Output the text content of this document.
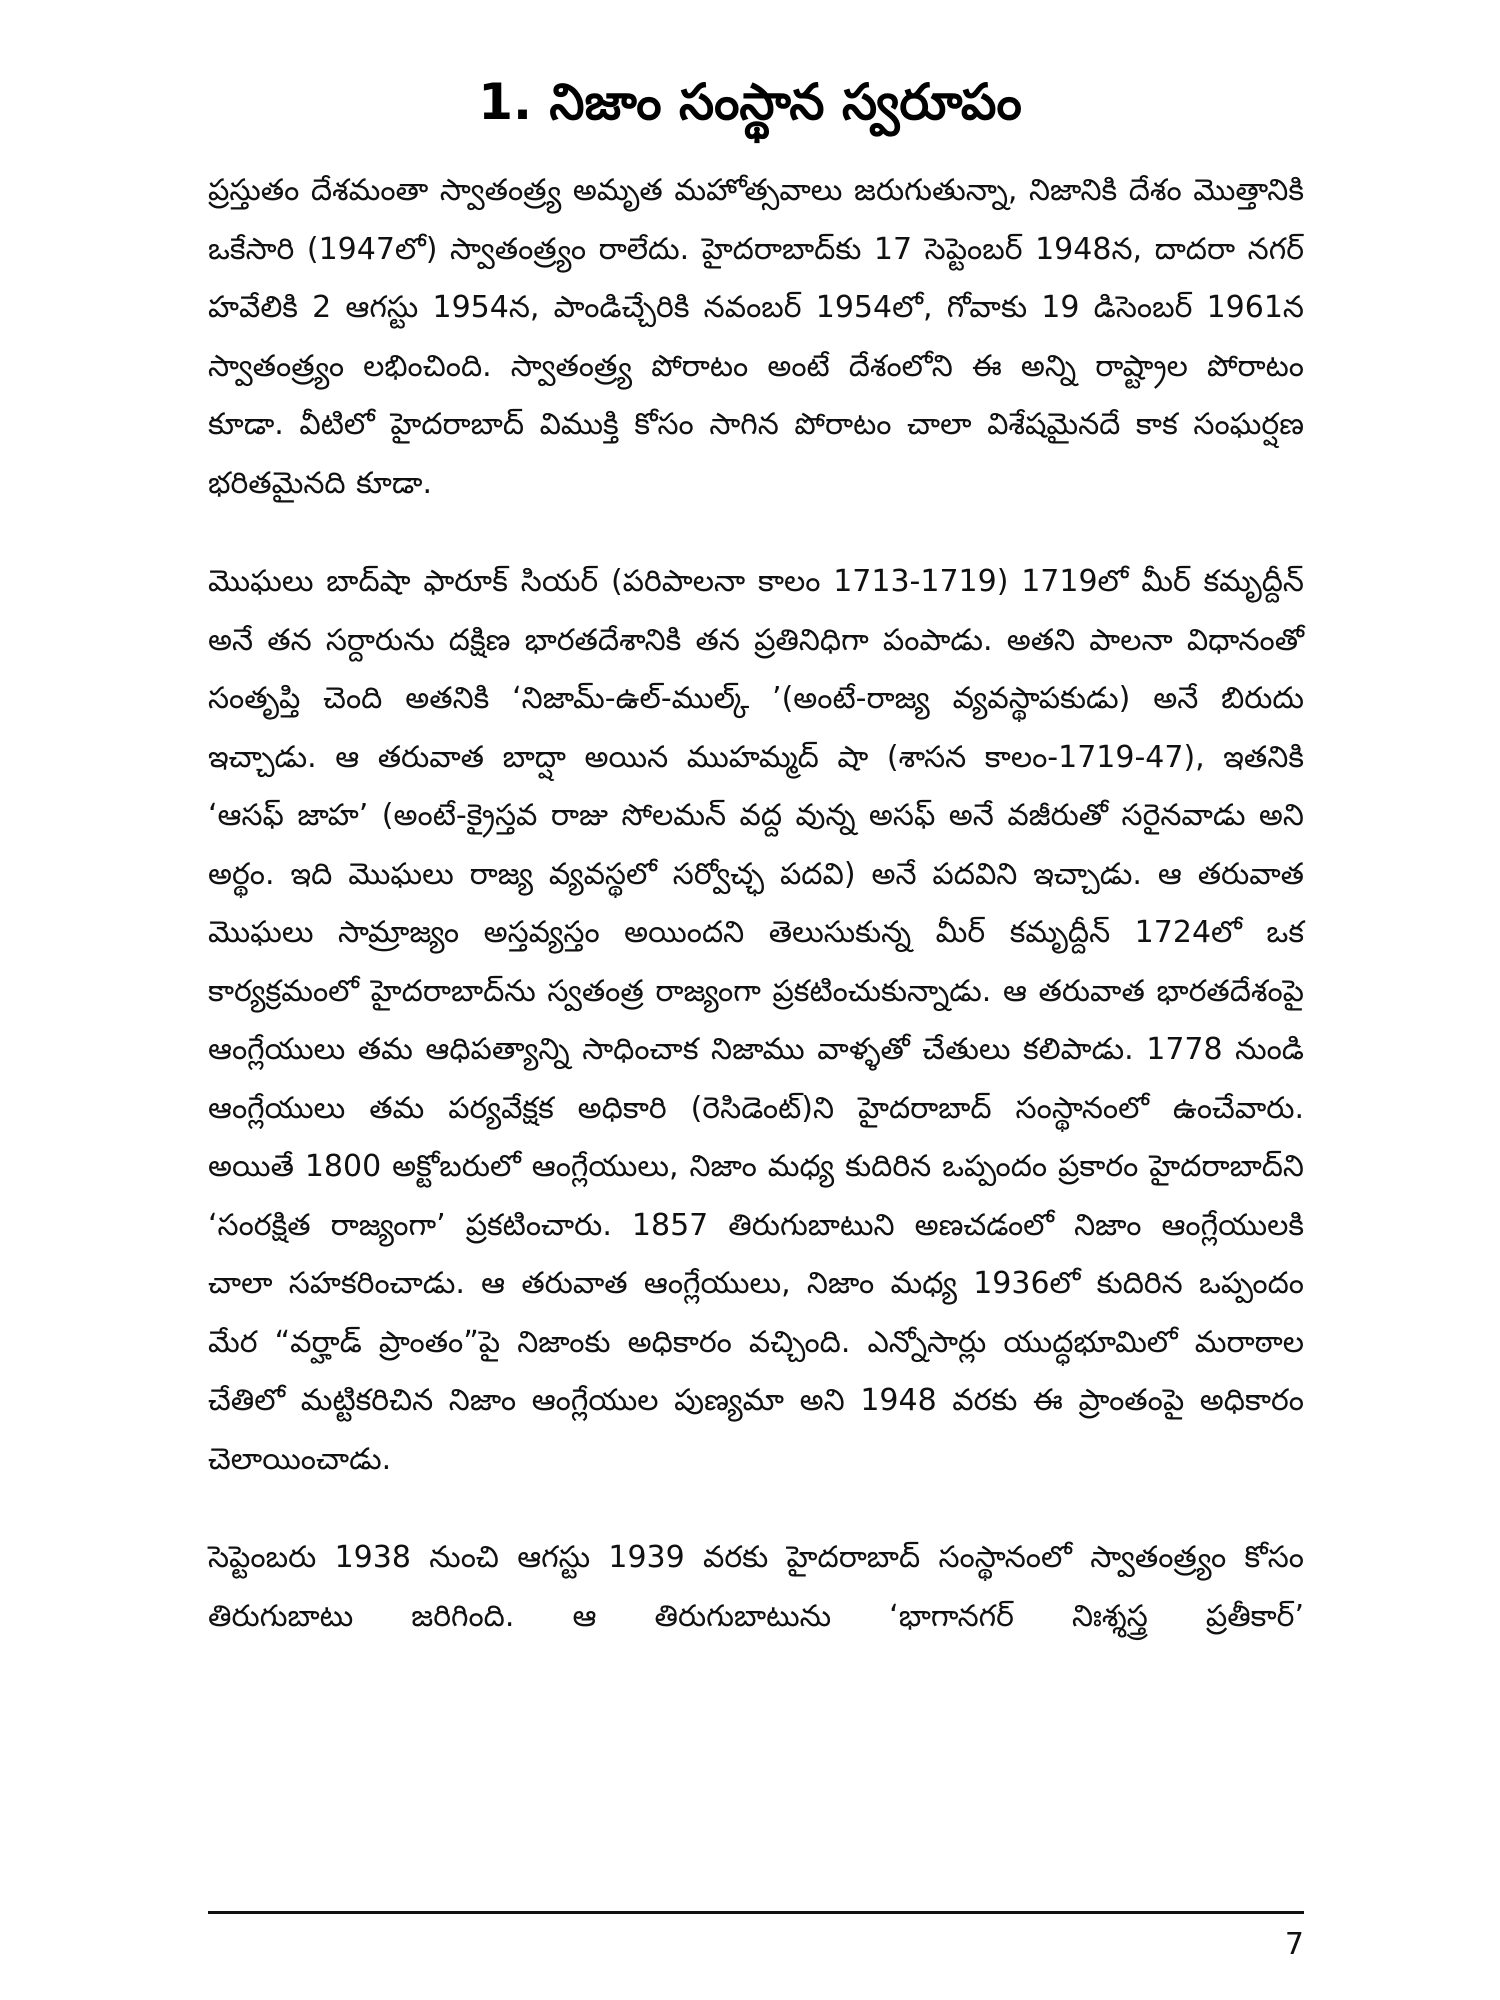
1. నిజాం సంస్థాన స్వరూపం

ప్రస్తుతం దేశమంతా స్వాతంత్ర్య అమృత మహోత్సవాలు జరుగుతున్నా, నిజానికి దేశం మొత్తానికి ఒకేసారి (1947లో) స్వాతంత్ర్యం రాలేదు. హైదరాబాద్‌కు 17 సెప్టెంబర్ 1948న, దాదరా నగర్ హవేలికి 2 ఆగస్టు 1954న, పాండిచ్చేరికి నవంబర్ 1954లో, గోవాకు 19 డిసెంబర్ 1961న స్వాతంత్ర్యం లభించింది. స్వాతంత్ర్య పోరాటం అంటే దేశంలోని ఈ అన్ని రాష్ట్రాల పోరాటం కూడా. వీటిలో హైదరాబాద్ విముక్తి కోసం సాగిన పోరాటం చాలా విశేషమైనదే కాక సంఘర్షణ భరితమైనది కూడా.

మొఘలు బాద్‌షా ఫారూక్ సియర్ (పరిపాలనా కాలం 1713-1719) 1719లో మీర్ కమృద్దీన్ అనే తన సర్దారును దక్షిణ భారతదేశానికి తన ప్రతినిధిగా పంపాడు. అతని పాలనా విధానంతో సంతృప్తి చెంది అతనికి ‘నిజామ్-ఉల్-ముల్క్ ’(అంటే-రాజ్య వ్యవస్థాపకుడు) అనే బిరుదు ఇచ్చాడు. ఆ తరువాత బాద్షా అయిన ముహమ్మద్ షా (శాసన కాలం-1719-47), ఇతనికి ‘ఆసఫ్ జాహ’ (అంటే-క్రైస్తవ రాజు సోలమన్ వద్ద వున్న అసఫ్ అనే వజీరుతో సరైనవాడు అని అర్థం. ఇది మొఘలు రాజ్య వ్యవస్థలో సర్వోచ్ఛ పదవి) అనే పదవిని ఇచ్చాడు. ఆ తరువాత మొఘలు సామ్రాజ్యం అస్తవ్యస్తం అయిందని తెలుసుకున్న మీర్ కమృద్దీన్ 1724లో ఒక కార్యక్రమంలో హైదరాబాద్‌ను స్వతంత్ర రాజ్యంగా ప్రకటించుకున్నాడు. ఆ తరువాత భారతదేశంపై ఆంగ్లేయులు తమ ఆధిపత్యాన్ని సాధించాక నిజాము వాళ్ళతో చేతులు కలిపాడు. 1778 నుండి ఆంగ్లేయులు తమ పర్యవేక్షక అధికారి (రెసిడెంట్)ని హైదరాబాద్ సంస్థానంలో ఉంచేవారు. అయితే 1800 అక్టోబరులో ఆంగ్లేయులు, నిజాం మధ్య కుదిరిన ఒప్పందం ప్రకారం హైదరాబాద్‌ని ‘సంరక్షిత రాజ్యంగా’ ప్రకటించారు. 1857 తిరుగుబాటుని అణచడంలో నిజాం ఆంగ్లేయులకి చాలా సహకరించాడు. ఆ తరువాత ఆంగ్లేయులు, నిజాం మధ్య 1936లో కుదిరిన ఒప్పందం మేర “వర్హాడ్ ప్రాంతం”పై నిజాంకు అధికారం వచ్చింది. ఎన్నోసార్లు యుద్ధభూమిలో మరాఠాల చేతిలో మట్టికరిచిన నిజాం ఆంగ్లేయుల పుణ్యమా అని 1948 వరకు ఈ ప్రాంతంపై అధికారం చెలాయించాడు.

సెప్టెంబరు 1938 నుంచి ఆగస్టు 1939 వరకు హైదరాబాద్ సంస్థానంలో స్వాతంత్ర్యం కోసం తిరుగుబాటు జరిగింది. ఆ తిరుగుబాటును ‘భాగానగర్ నిఃశ్శస్త్ర ప్రతీకార్’

7
